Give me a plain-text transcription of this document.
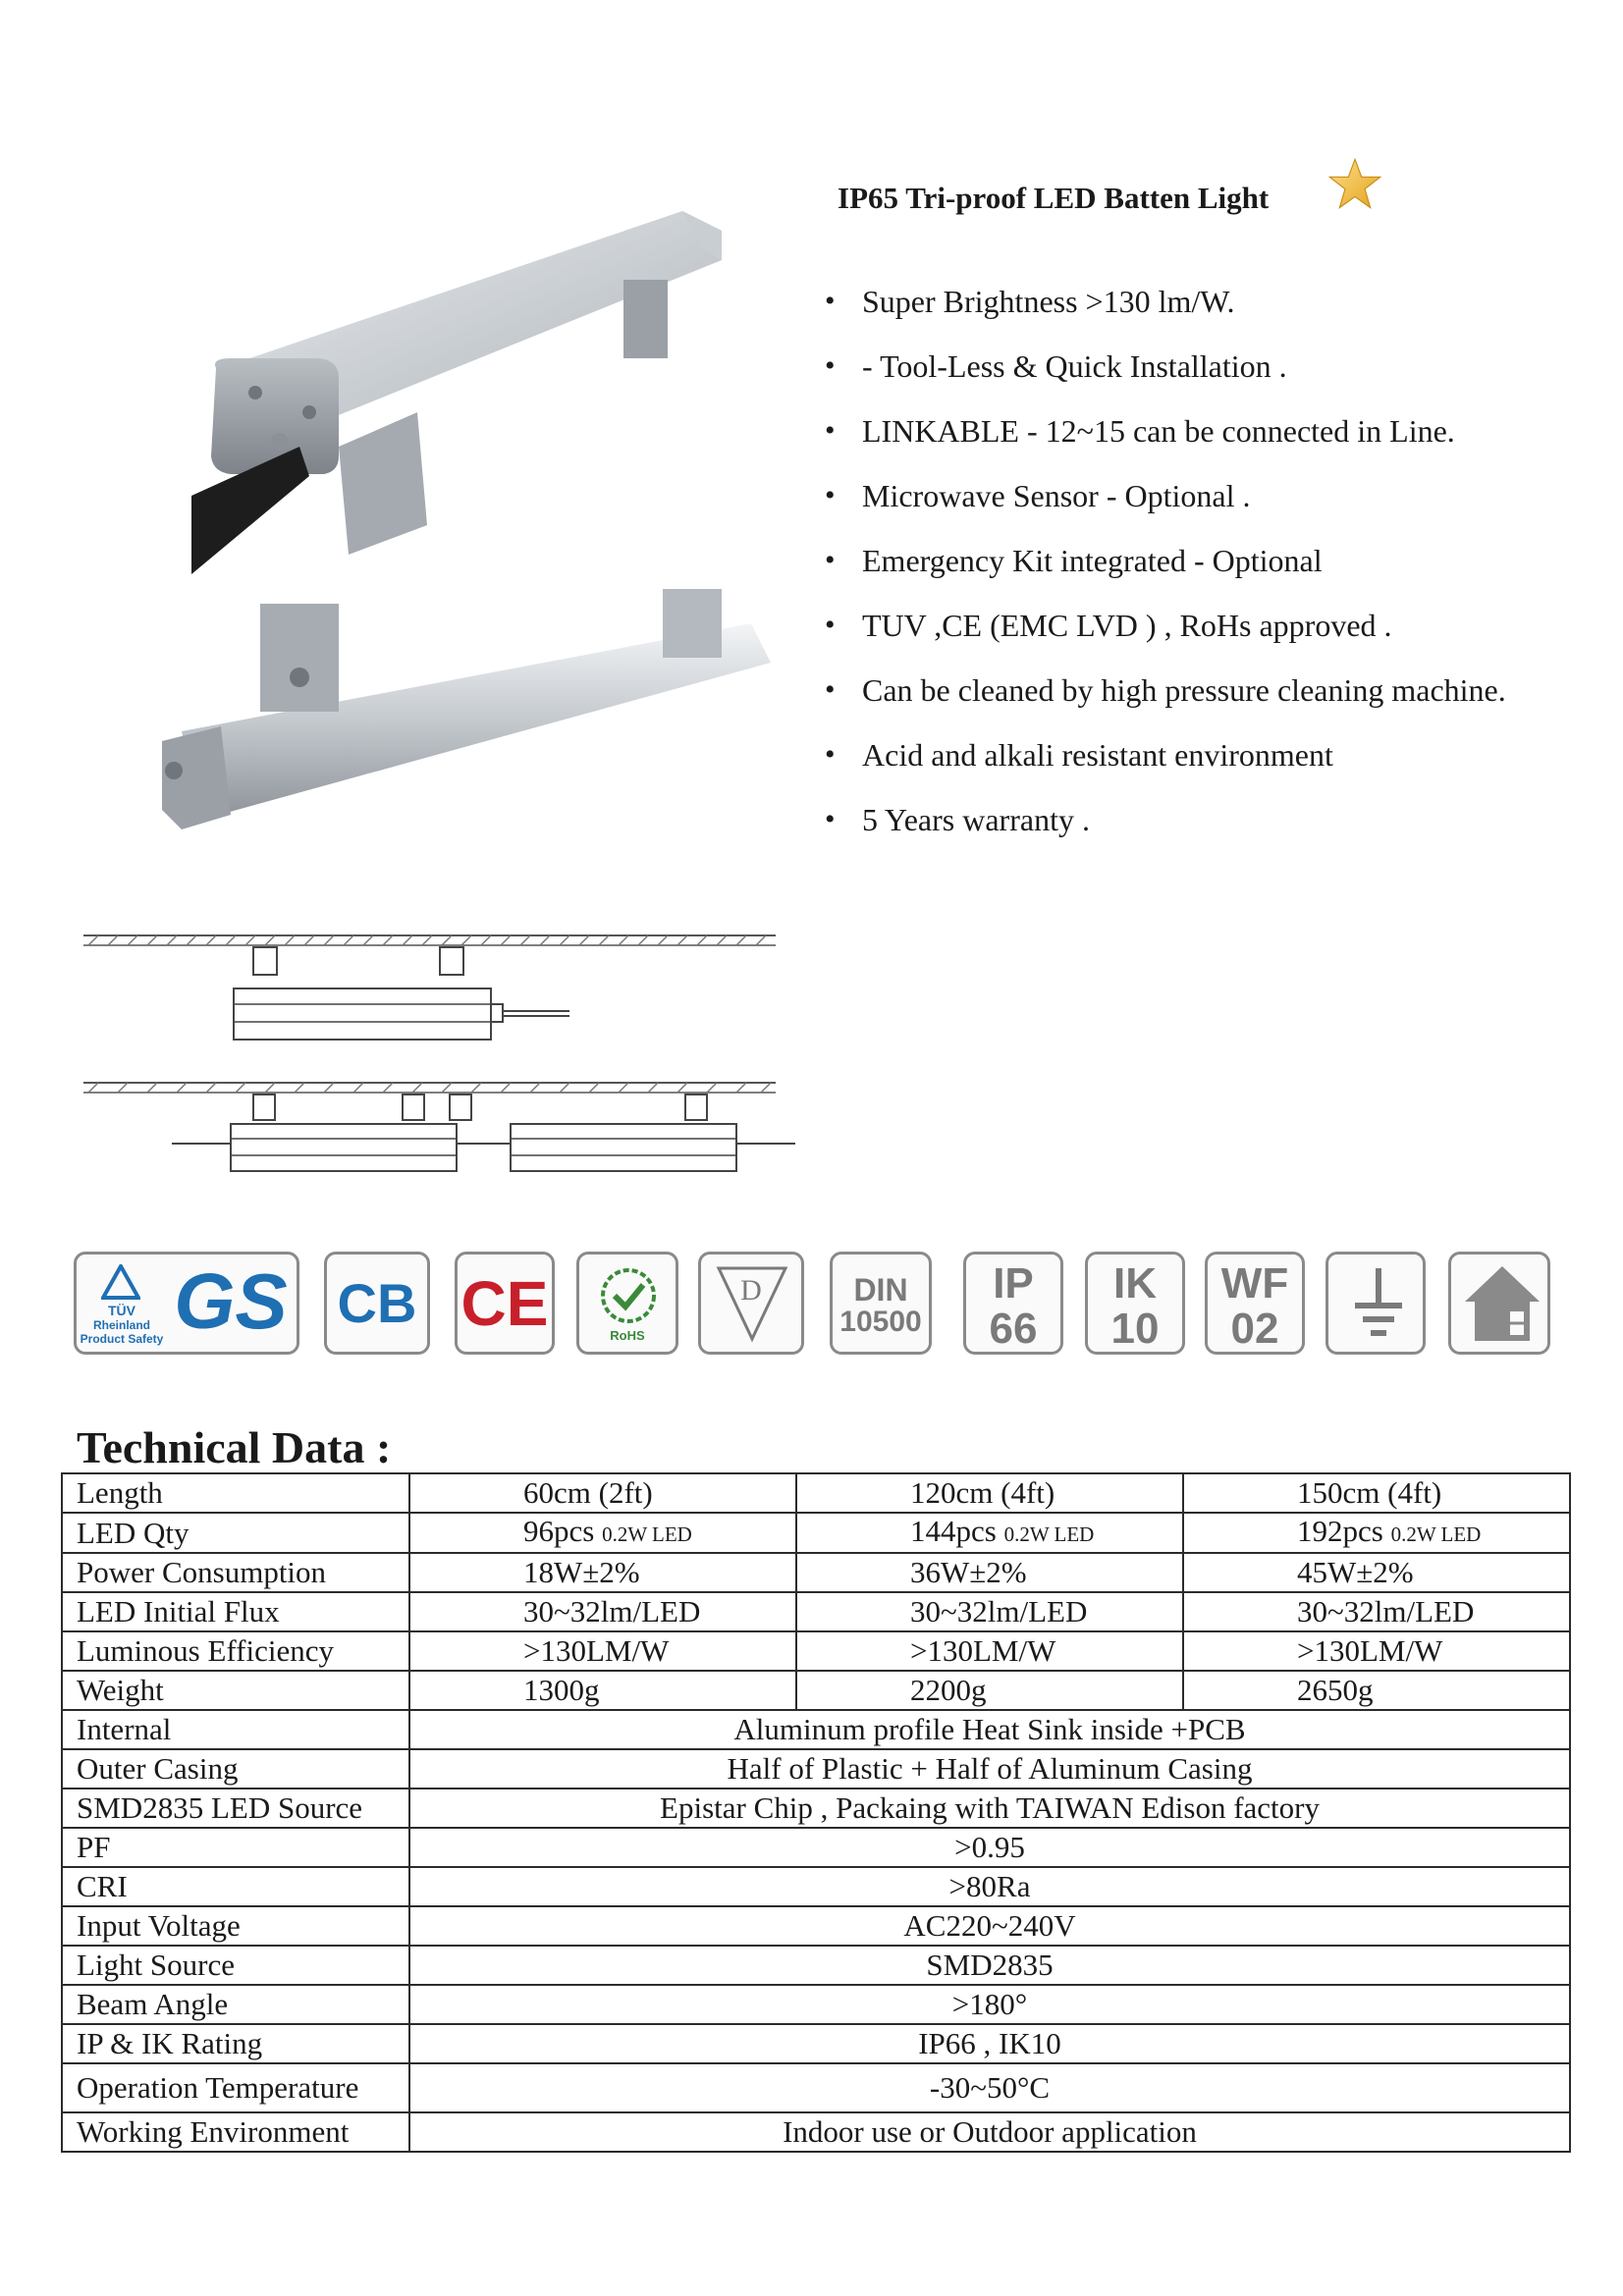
IP65 Tri-proof LED Batten Light
• Super Brightness >130 lm/W.
• - Tool-Less & Quick Installation .
• LINKABLE - 12~15 can be connected in Line.
• Microwave Sensor - Optional .
• Emergency Kit integrated - Optional
• TUV ,CE (EMC LVD ) , RoHs approved .
• Can be cleaned by high pressure cleaning machine.
• Acid and alkali resistant environment
• 5 Years warranty .
TÜV
Rheinland
Product Safety GS CB CE	RoHS
D	DIN
10500
IP
66
IK
10
WF
02
Technical Data :
Length	60cm (2ft)	120cm (4ft)	150cm (4ft)
LED Qty	96pcs 0.2W LED	144pcs 0.2W LED	192pcs 0.2W LED
Power Consumption	18W±2%	36W±2%	45W±2%
LED Initial Flux	30~32lm/LED	30~32lm/LED	30~32lm/LED
Luminous Efficiency	>130LM/W	>130LM/W	>130LM/W
Weight	1300g	2200g	2650g
Internal	Aluminum profile Heat Sink inside +PCB		
Outer Casing	Half of Plastic + Half of Aluminum Casing		
SMD2835 LED Source	Epistar Chip , Packaing with TAIWAN Edison factory		
PF	>0.95		
CRI	>80Ra		
Input Voltage	AC220~240V		
Light Source	SMD2835		
Beam Angle	>180°		
IP & IK Rating	IP66 , IK10		
Operation Temperature	-30~50°C		
Working Environment	Indoor use or Outdoor application		
